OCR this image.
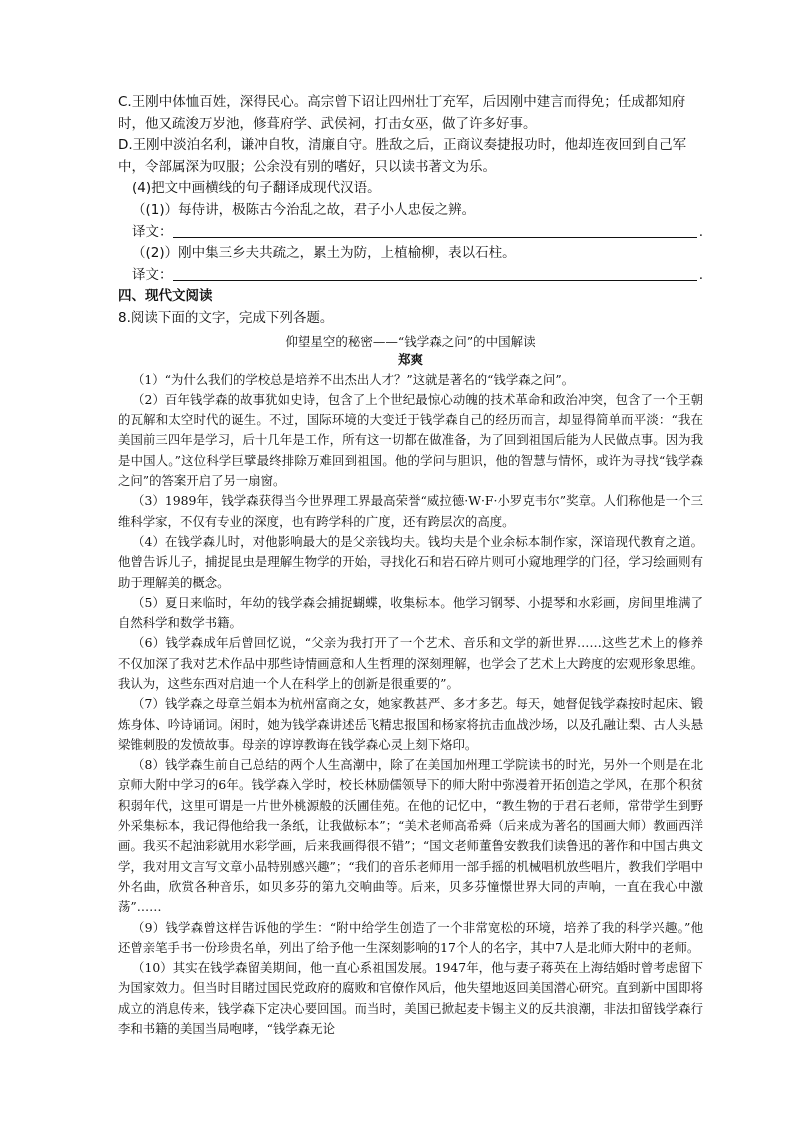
C.王刚中体恤百姓，深得民心。高宗曾下诏让四州壮丁充军，后因刚中建言而得免；任成都知府时，他又疏浚万岁池，修葺府学、武侯祠，打击女巫，做了许多好事。

D.王刚中淡泊名利，谦冲自牧，清廉自守。胜敌之后，正商议奏捷报功时，他却连夜回到自己军中，令部属深为叹服；公余没有别的嗜好，只以读书著文为乐。

(4)把文中画横线的句子翻译成现代汉语。

（(1)）每侍讲，极陈古今治乱之故，君子小人忠佞之辨。

译文：	.

（(2)）刚中集三乡夫共疏之，累土为防，上植榆柳，表以石柱。

译文：	.

四、现代文阅读

8.阅读下面的文字，完成下列各题。

仰望星空的秘密——“钱学森之问”的中国解读

郑爽

（1）“为什么我们的学校总是培养不出杰出人才？”这就是著名的“钱学森之问”。

（2）百年钱学森的故事犹如史诗，包含了上个世纪最惊心动魄的技术革命和政治冲突，包含了一个王朝的瓦解和太空时代的诞生。不过，国际环境的大变迁于钱学森自己的经历而言，却显得简单而平淡：“我在美国前三四年是学习，后十几年是工作，所有这一切都在做准备，为了回到祖国后能为人民做点事。因为我是中国人。”这位科学巨擘最终排除万难回到祖国。他的学问与胆识，他的智慧与情怀，或许为寻找“钱学森之问”的答案开启了另一扇窗。

（3）1989年，钱学森获得当今世界理工界最高荣誉“威拉德·W·F·小罗克韦尔”奖章。人们称他是一个三维科学家，不仅有专业的深度，也有跨学科的广度，还有跨层次的高度。

（4）在钱学森儿时，对他影响最大的是父亲钱均夫。钱均夫是个业余标本制作家，深谙现代教育之道。他曾告诉儿子，捕捉昆虫是理解生物学的开始，寻找化石和岩石碎片则可小窥地理学的门径，学习绘画则有助于理解美的概念。

（5）夏日来临时，年幼的钱学森会捕捉蝴蝶，收集标本。他学习钢琴、小提琴和水彩画，房间里堆满了自然科学和数学书籍。

（6）钱学森成年后曾回忆说，“父亲为我打开了一个艺术、音乐和文学的新世界……这些艺术上的修养不仅加深了我对艺术作品中那些诗情画意和人生哲理的深刻理解，也学会了艺术上大跨度的宏观形象思维。我认为，这些东西对启迪一个人在科学上的创新是很重要的”。

（7）钱学森之母章兰娟本为杭州富商之女，她家教甚严、多才多艺。每天，她督促钱学森按时起床、锻炼身体、吟诗诵词。闲时，她为钱学森讲述岳飞精忠报国和杨家将抗击血战沙场，以及孔融让梨、古人头悬梁锥刺股的发愤故事。母亲的谆谆教诲在钱学森心灵上刻下烙印。

（8）钱学森生前自己总结的两个人生高潮中，除了在美国加州理工学院读书的时光，另外一个则是在北京师大附中学习的6年。钱学森入学时，校长林励儒领导下的师大附中弥漫着开拓创造之学风，在那个积贫积弱年代，这里可谓是一片世外桃源般的沃圃佳苑。在他的记忆中，“教生物的于君石老师，常带学生到野外采集标本，我记得他给我一条纸，让我做标本”；“美术老师高希舜（后来成为著名的国画大师）教画西洋画。我买不起油彩就用水彩学画，后来我画得很不错”；“国文老师董鲁安教我们读鲁迅的著作和中国古典文学，我对用文言写文章小品特别感兴趣”；“我们的音乐老师用一部手摇的机械唱机放些唱片，教我们学唱中外名曲，欣赏各种音乐，如贝多芬的第九交响曲等。后来，贝多芬憧憬世界大同的声响，一直在我心中激荡”……

（9）钱学森曾这样告诉他的学生：“附中给学生创造了一个非常宽松的环境，培养了我的科学兴趣。”他还曾亲笔手书一份珍贵名单，列出了给予他一生深刻影响的17个人的名字，其中7人是北师大附中的老师。

（10）其实在钱学森留美期间，他一直心系祖国发展。1947年，他与妻子蒋英在上海结婚时曾考虑留下为国家效力。但当时目睹过国民党政府的腐败和官僚作风后，他失望地返回美国潜心研究。直到新中国即将成立的消息传来，钱学森下定决心要回国。而当时，美国已掀起麦卡锡主义的反共浪潮，非法扣留钱学森行李和书籍的美国当局咆哮，“钱学森无论
